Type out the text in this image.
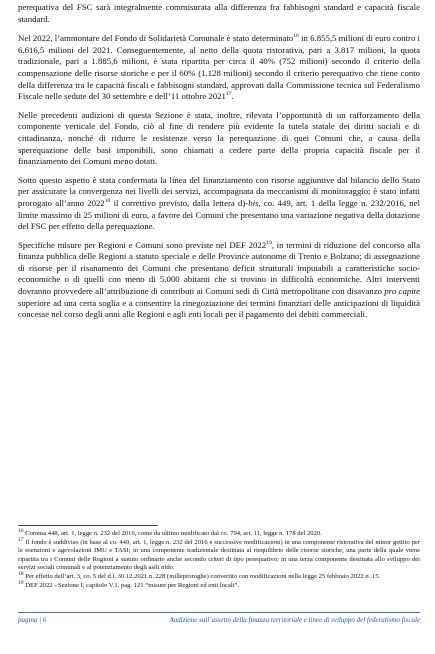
perequativa del FSC sarà integralmente commisurata alla differenza fra fabbisogni standard e capacità fiscale standard.

Nel 2022, l’ammontare del Fondo di Solidarietà Comunale è stato determinato$^{16}$ in 6.855,5 milioni di euro contro i 6.616,5 milioni del 2021. Conseguentemente, al netto della quota ristorativa, pari a 3.817 milioni, la quota tradizionale, pari a 1.885,6 milioni, è stata ripartita per circa il 40% (752 milioni) secondo il criterio della compensazione delle risorse storiche e per il 60% (1.128 milioni) secondo il criterio perequativo che tiene conto della differenza tra le capacità fiscali e fabbisogni standard, approvati dalla Commissione tecnica sul Federalismo Fiscale nelle sedute del 30 settembre e dell’11 ottobre 2021$^{17}$.

Nelle precedenti audizioni di questa Sezione è stata, inoltre, rilevata l’opportunità di un rafforzamento della componente verticale del Fondo, ciò al fine di rendere più evidente la tutela statale dei diritti sociali e di cittadinanza, nonché di ridurre le resistenze verso la perequazione di quei Comuni che, a causa della sperequazione delle basi imponibili, sono chiamati a cedere parte della propria capacità fiscale per il finanziamento dei Comuni meno dotati.

Sotto questo aspetto è stata confermata la linea del finanziamento con risorse aggiuntive dal bilancio dello Stato per assicurare la convergenza nei livelli dei servizi, accompagnata da meccanismi di monitoraggio; è stato infatti prorogato all’anno 2022$^{18}$ il correttivo previsto, dalla lettera d)-bis, co. 449, art. 1 della legge n. 232/2016, nel limite massimo di 25 milioni di euro, a favore dei Comuni che presentano una variazione negativa della dotazione del FSC per effetto della perequazione.

Specifiche misure per Regioni e Comuni sono previste nel DEF 2022$^{19}$, in termini di riduzione del concorso alla finanza pubblica delle Regioni a statuto speciale e delle Province autonome di Trento e Bolzano; di assegnazione di risorse per il risanamento dei Comuni che presentano deficit strutturali imputabili a caratteristiche socio-economiche o di quelli con meno di 5.000 abitanti che si trovino in difficoltà economiche. Altri interventi dovranno provvedere all’attribuzione di contributi ai Comuni sedi di Città metropolitane con disavanzo pro capite superiore ad una certa soglia e a consentire la rinegoziazione dei termini finanziari delle anticipazioni di liquidità concesse nel corso degli anni alle Regioni e agli enti locali per il pagamento dei debiti commerciali.

$^{16}$ Comma 448, art. 1, legge n. 232 del 2016, come da ultimo modificato dal co. 794, art. 11, legge n. 178 del 2020.

$^{17}$ Il fondo è suddiviso (in base al co. 449, art. 1, legge n. 232 del 2016 e successive modificazioni) in una componente ristorativa del minor gettito per le esenzioni e agevolazioni IMU e TASI; in una componente tradizionale destinata al riequilibrio delle risorse storiche, una parte della quale viene ripartita tra i Comuni delle Regioni a statuto ordinario anche secondo criteri di tipo perequativo; in una terza componente destinata allo sviluppo dei servizi sociali comunali e al potenziamento degli asili nido.

$^{18}$ Per effetto dell’art. 3, co. 5 del d.l. 30.12.2021 n. 228 (milleproroghe) convertito con modificazioni nella legge 25 febbraio 2022 n. 15.

$^{19}$ DEF 2022 - Sezione I, capitolo V.1, pag. 121 “misure per Regioni ed enti locali”.

pagina | 6	Audizione sull’assetto della finanza territoriale e linee di sviluppo del federalismo fiscale
